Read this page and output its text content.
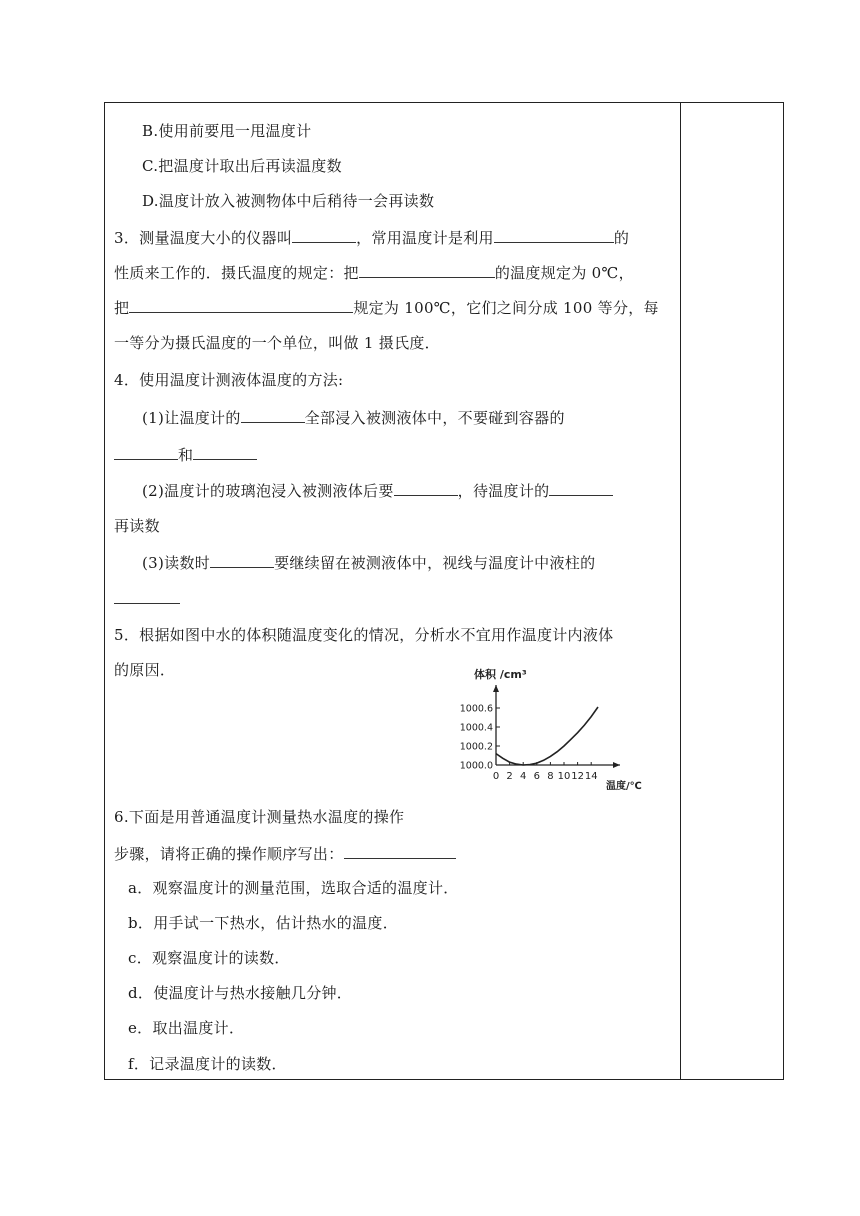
B.使用前要甩一甩温度计
C.把温度计取出后再读温度数
D.温度计放入被测物体中后稍待一会再读数
3．测量温度大小的仪器叫	，常用温度计是利用	的
性质来工作的．摄氏温度的规定：把	的温度规定为 0℃，
把	规定为 100℃，它们之间分成 100 等分，每
一等分为摄氏温度的一个单位，叫做 1 摄氏度．
4．使用温度计测液体温度的方法:
(1)让温度计的	全部浸入被测液体中，不要碰到容器的
和
(2)温度计的玻璃泡浸入被测液体后要	，待温度计的
再读数
(3)读数时	要继续留在被测液体中，视线与温度计中液柱的
5．根据如图中水的体积随温度变化的情况，分析水不宜用作温度计内液体
的原因．
6.下面是用普通温度计测量热水温度的操作
步骤，请将正确的操作顺序写出：
a．观察温度计的测量范围，选取合适的温度计．
b．用手试一下热水，估计热水的温度．
c．观察温度计的读数．
d．使温度计与热水接触几分钟．
e．取出温度计．
f．记录温度计的读数．
体积 /cm³
温度/℃
1000.0
1000.2
1000.4
1000.6
0 2 4 6 8 10 12 14
